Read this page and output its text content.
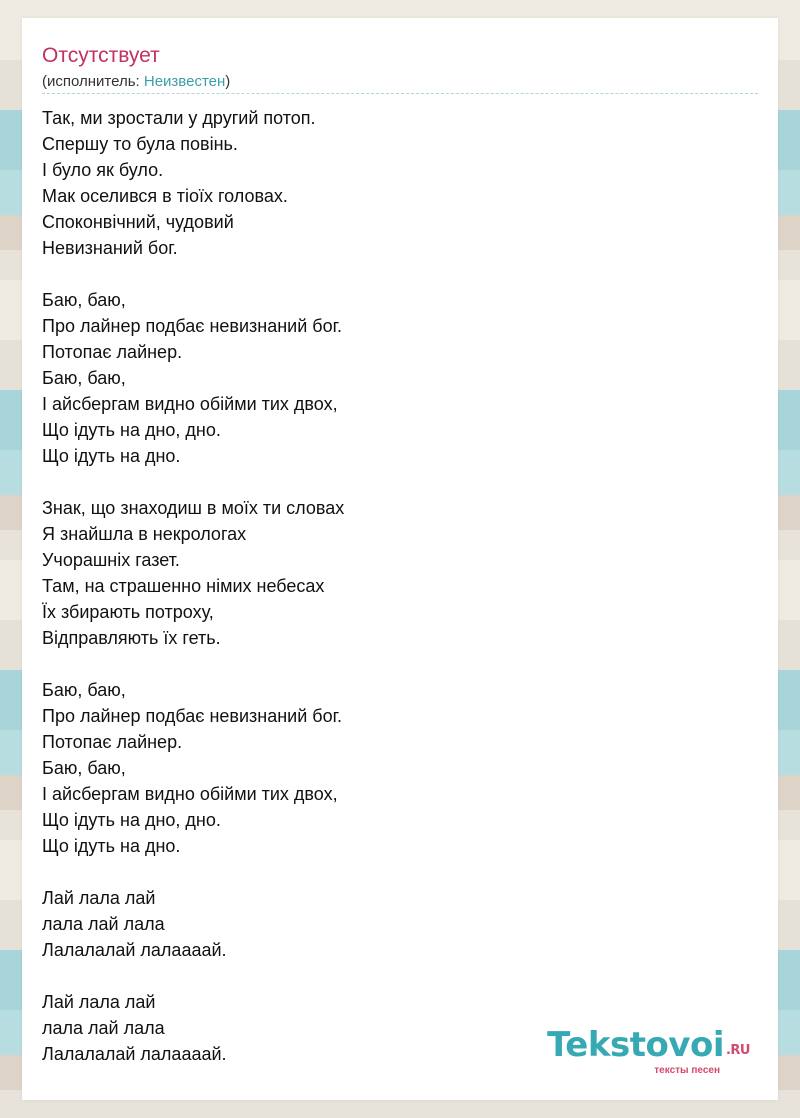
Отсутствует
(исполнитель: Неизвестен)
Так, ми зростали у другий потоп.
Спершу то була повінь.
І було як було.
Мак оселився в тіоїх головах.
Споконвічний, чудовий
Невизнаний бог.
Баю, баю,
Про лайнер подбає невизнаний бог.
Потопає лайнер.
Баю, баю,
І айсбергам видно обійми тих двох,
Що ідуть на дно, дно.
Що ідуть на дно.
Знак, що знаходиш в моїх ти словах
Я знайшла в некрологах
Учорашніх газет.
Там, на страшенно німих небесах
Їх збирають потроху,
Відправляють їх геть.
Баю, баю,
Про лайнер подбає невизнаний бог.
Потопає лайнер.
Баю, баю,
І айсбергам видно обійми тих двох,
Що ідуть на дно, дно.
Що ідуть на дно.
Лай лала лай
лала лай лала
Лалалалай лалаааай.
Лай лала лай
лала лай лала
Лалалалай лалаааай.	Tekstovoi .RU
тексты песен
